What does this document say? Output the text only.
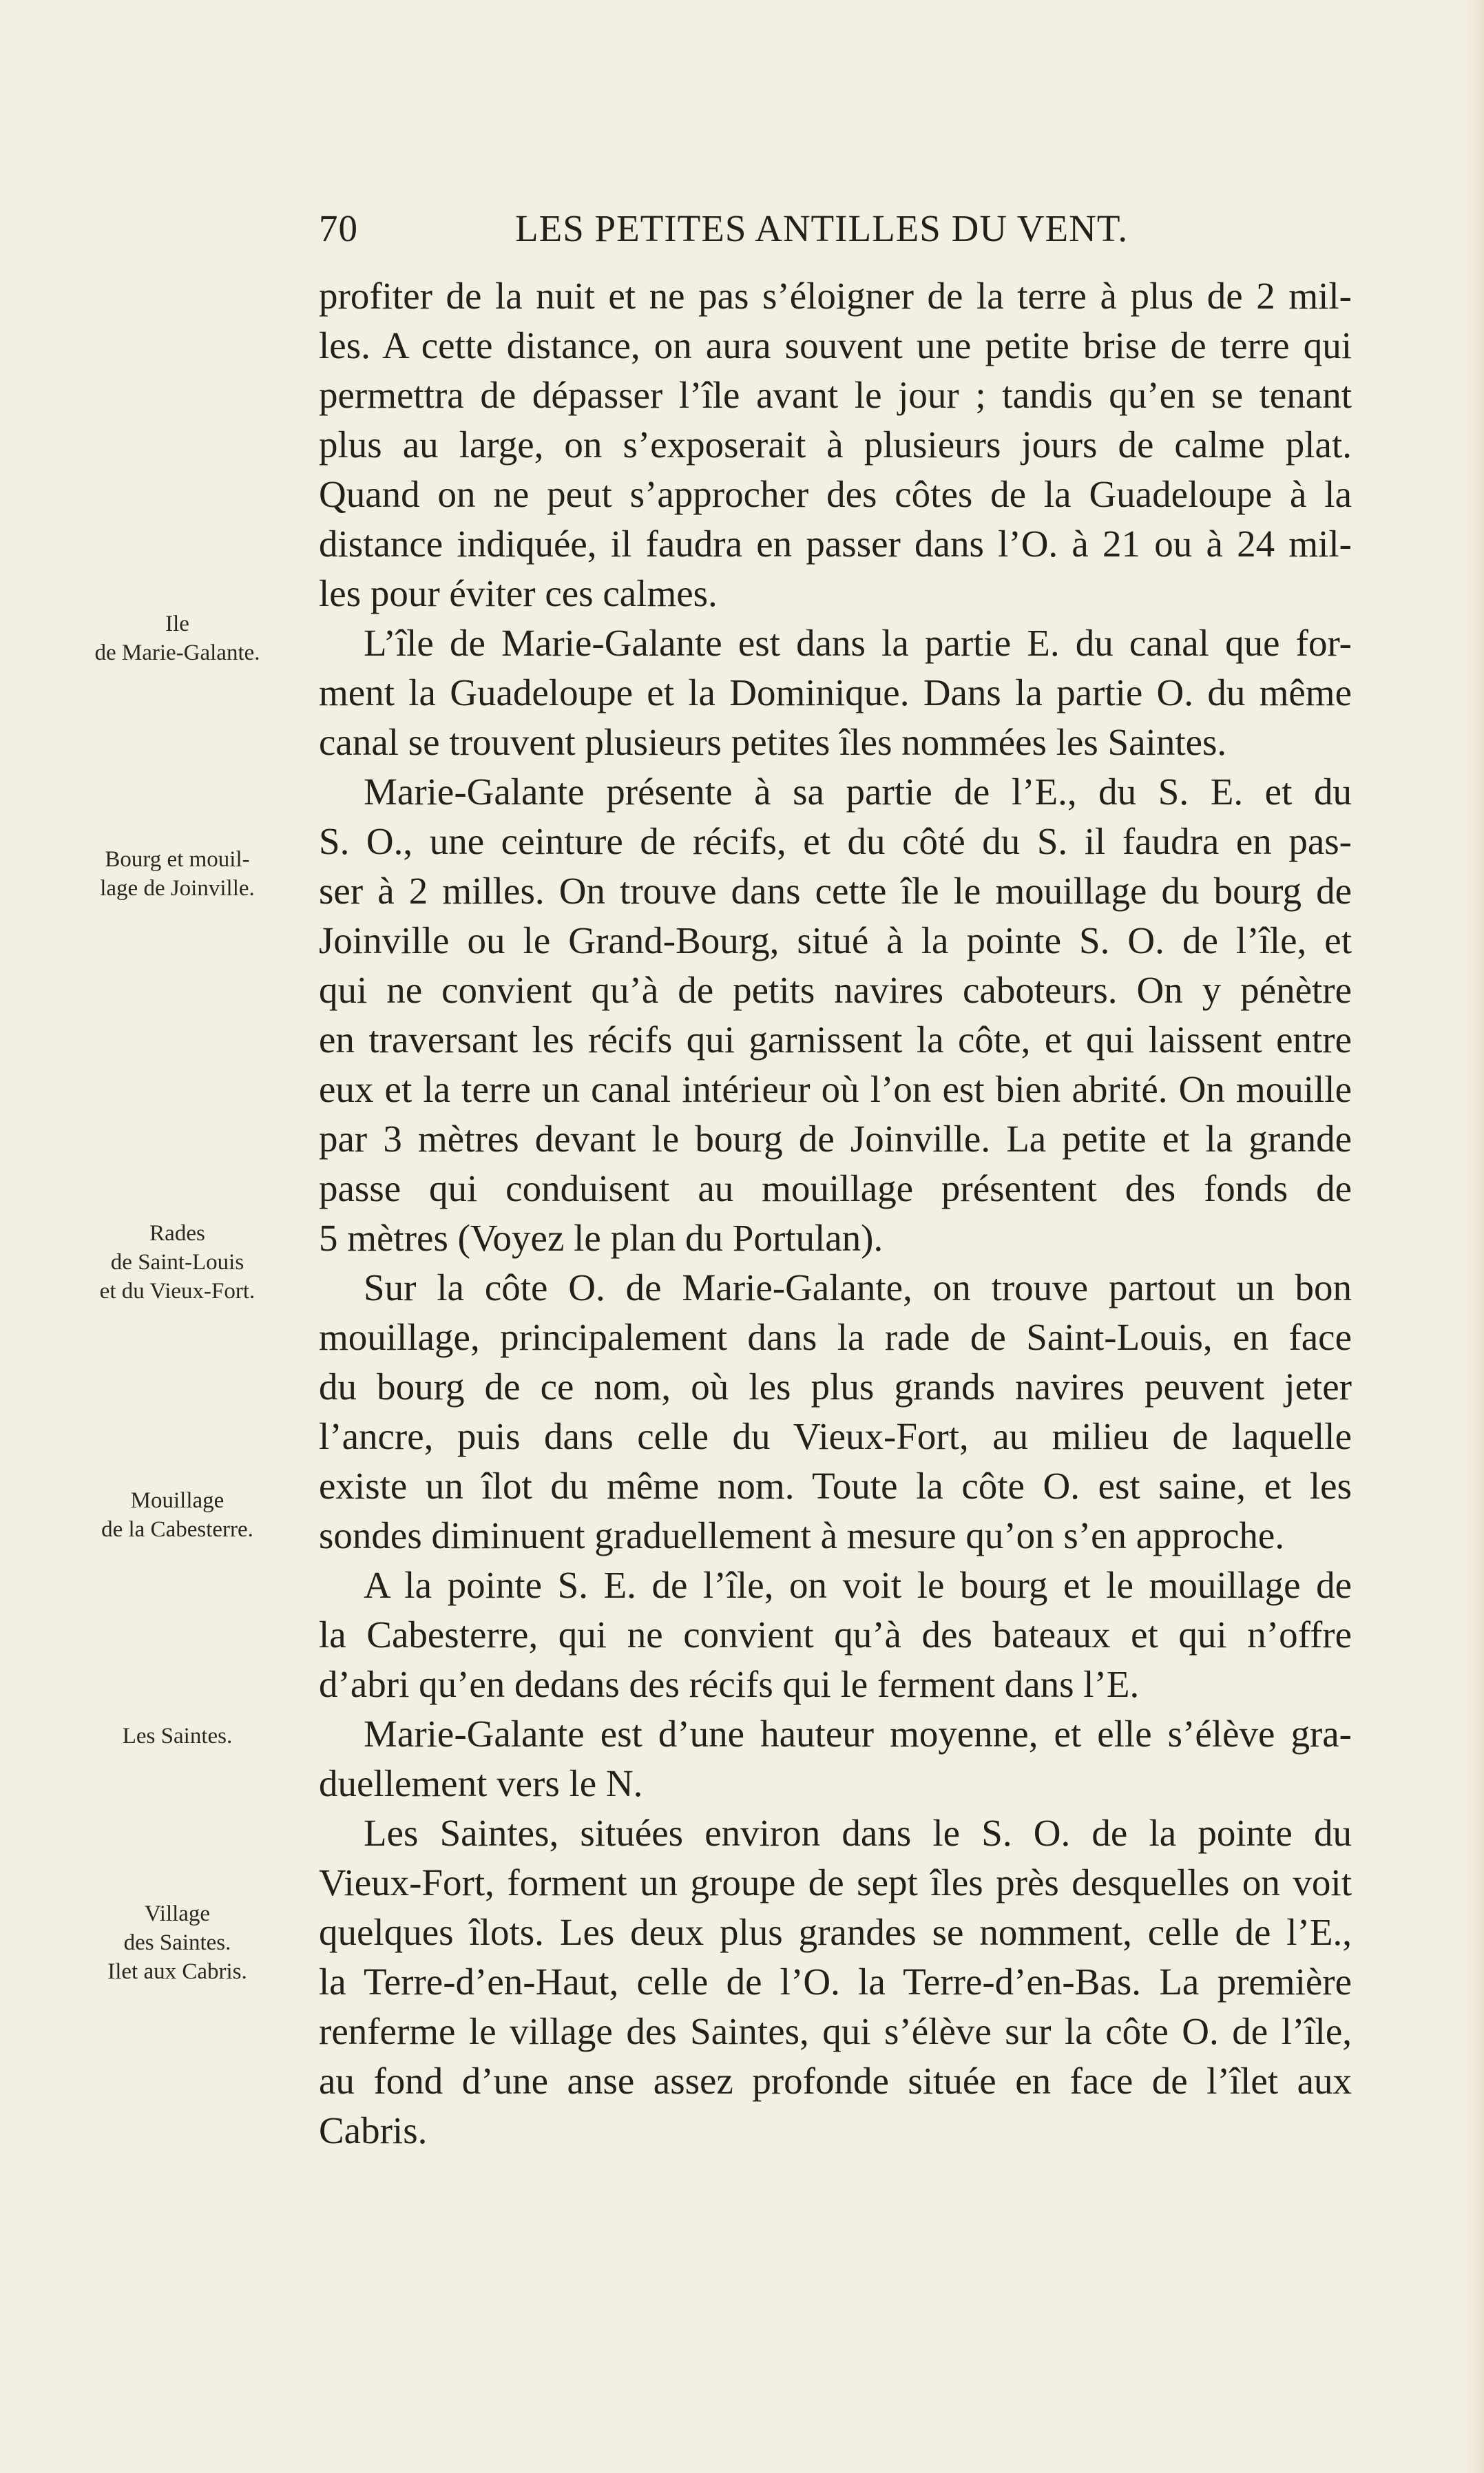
70	LES PETITES ANTILLES DU VENT.
profiter de la nuit et ne pas s’éloigner de la terre à plus de 2 mil-
les. A cette distance, on aura souvent une petite brise de terre qui
permettra de dépasser l’île avant le jour ; tandis qu’en se tenant
plus au large, on s’exposerait à plusieurs jours de calme plat.
Quand on ne peut s’approcher des côtes de la Guadeloupe à la
distance indiquée, il faudra en passer dans l’O. à 21 ou à 24 mil-
les pour éviter ces calmes.
L’île de Marie-Galante est dans la partie E. du canal que for-
ment la Guadeloupe et la Dominique. Dans la partie O. du même
canal se trouvent plusieurs petites îles nommées les Saintes.
Marie-Galante présente à sa partie de l’E., du S. E. et du
S. O., une ceinture de récifs, et du côté du S. il faudra en pas-
ser à 2 milles. On trouve dans cette île le mouillage du bourg de
Joinville ou le Grand-Bourg, situé à la pointe S. O. de l’île, et
qui ne convient qu’à de petits navires caboteurs. On y pénètre
en traversant les récifs qui garnissent la côte, et qui laissent entre
eux et la terre un canal intérieur où l’on est bien abrité. On mouille
par 3 mètres devant le bourg de Joinville. La petite et la grande
passe qui conduisent au mouillage présentent des fonds de
5 mètres (Voyez le plan du Portulan).
Sur la côte O. de Marie-Galante, on trouve partout un bon
mouillage, principalement dans la rade de Saint-Louis, en face
du bourg de ce nom, où les plus grands navires peuvent jeter
l’ancre, puis dans celle du Vieux-Fort, au milieu de laquelle
existe un îlot du même nom. Toute la côte O. est saine, et les
sondes diminuent graduellement à mesure qu’on s’en approche.
A la pointe S. E. de l’île, on voit le bourg et le mouillage de
la Cabesterre, qui ne convient qu’à des bateaux et qui n’offre
d’abri qu’en dedans des récifs qui le ferment dans l’E.
Marie-Galante est d’une hauteur moyenne, et elle s’élève gra-
duellement vers le N.
Les Saintes, situées environ dans le S. O. de la pointe du
Vieux-Fort, forment un groupe de sept îles près desquelles on voit
quelques îlots. Les deux plus grandes se nomment, celle de l’E.,
la Terre-d’en-Haut, celle de l’O. la Terre-d’en-Bas. La première
renferme le village des Saintes, qui s’élève sur la côte O. de l’île,
au fond d’une anse assez profonde située en face de l’îlet aux
Cabris.
Ile
de Marie-Galante.
Bourg et mouil-
lage de Joinville.
Rades
de Saint-Louis
et du Vieux-Fort.
Mouillage
de la Cabesterre.
Les Saintes.
Village
des Saintes.
Ilet aux Cabris.
